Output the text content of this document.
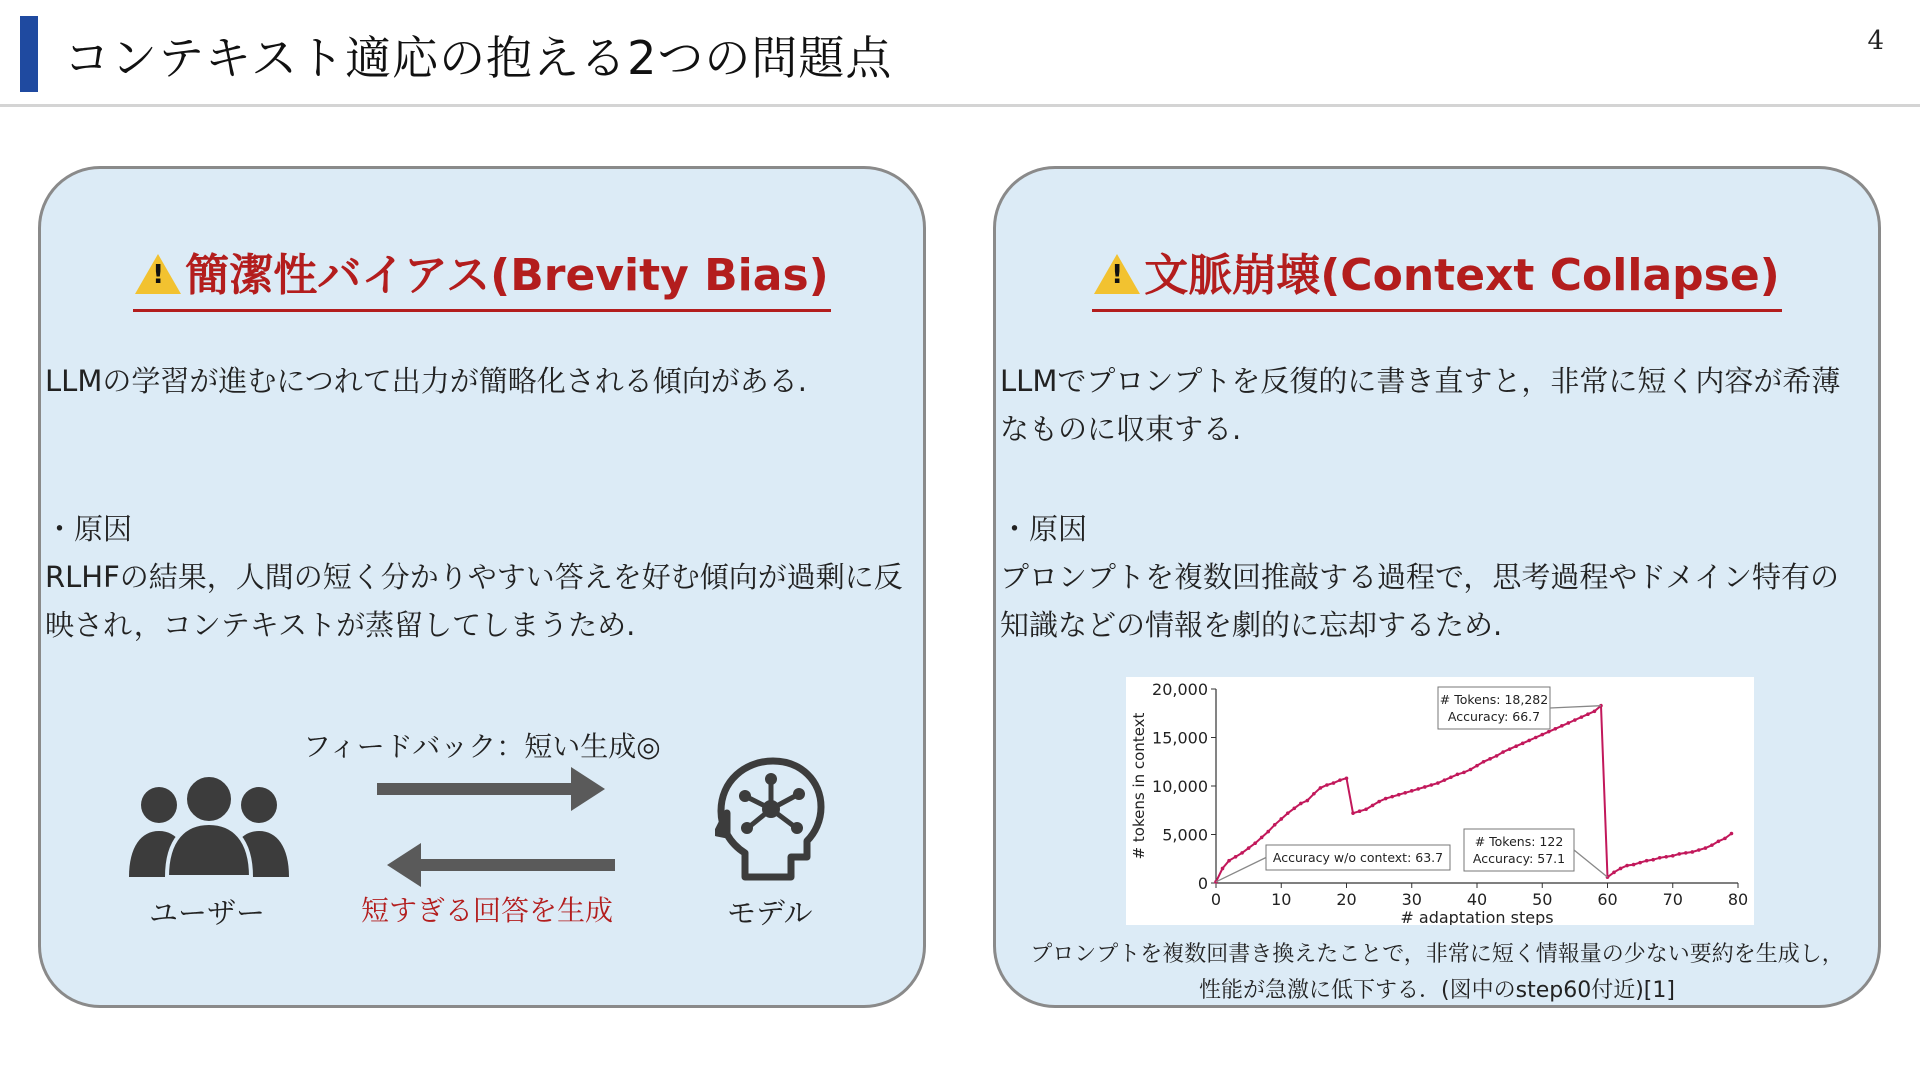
コンテキスト適応の抱える2つの問題点	4
! 簡潔性バイアス(Brevity Bias)
LLMの学習が進むにつれて出力が簡略化される傾向がある.
・原因
RLHFの結果，人間の短く分かりやすい答えを好む傾向が過剰に反映され，コンテキストが蒸留してしまうため.
フィードバック：短い生成◎
短すぎる回答を生成
ユーザー	モデル
! 文脈崩壊(Context Collapse)
LLMでプロンプトを反復的に書き直すと，非常に短く内容が希薄なものに収束する.
・原因
プロンプトを複数回推敲する過程で，思考過程やドメイン特有の知識などの情報を劇的に忘却するため.
0	10	20	30	40	50	60	70	80
0
5,000
10,000
15,000
20,000
# adaptation steps
# tokens in context
# Tokens: 18,282
Accuracy: 66.7
Accuracy w/o context: 63.7
# Tokens: 122
Accuracy: 57.1
プロンプトを複数回書き換えたことで，非常に短く情報量の少ない要約を生成し，
性能が急激に低下する．(図中のstep60付近)[1]
